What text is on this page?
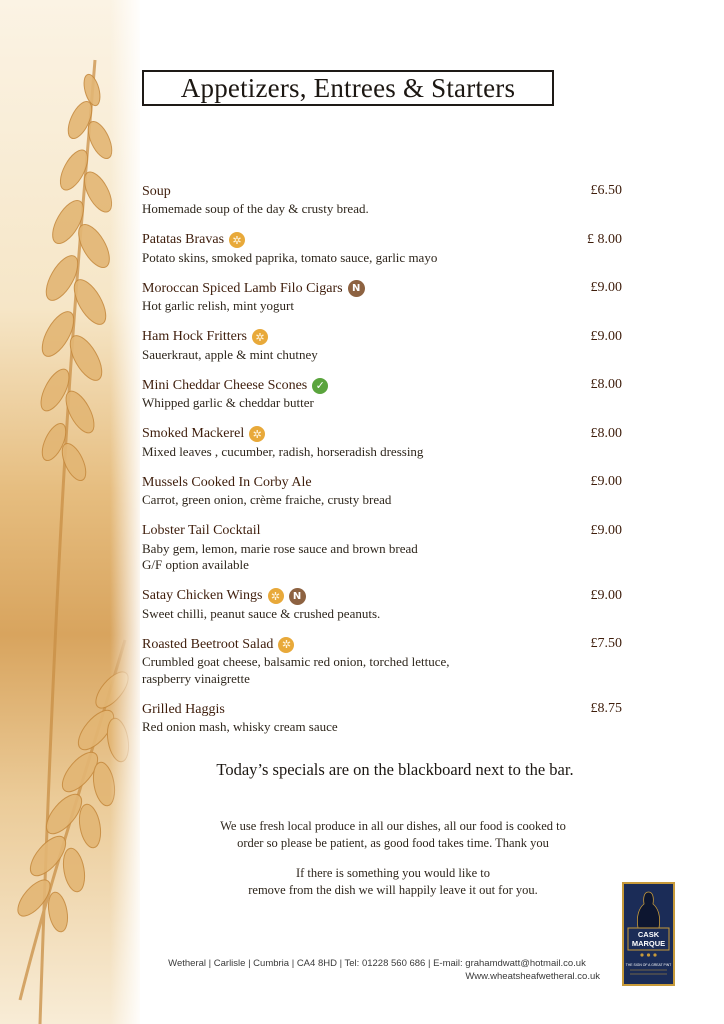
Appetizers, Entrees & Starters
Soup	£6.50
Homemade soup of the day & crusty bread.
Patatas Bravas ✲	£ 8.00
Potato skins, smoked paprika, tomato sauce, garlic mayo
Moroccan Spiced Lamb Filo Cigars N	£9.00
Hot garlic relish, mint yogurt
Ham Hock Fritters ✲	£9.00
Sauerkraut, apple & mint chutney
Mini Cheddar Cheese Scones ✓	£8.00
Whipped garlic & cheddar butter
Smoked Mackerel ✲	£8.00
Mixed leaves , cucumber, radish, horseradish dressing
Mussels Cooked In Corby Ale	£9.00
Carrot, green onion, crème fraiche, crusty bread
Lobster Tail Cocktail	£9.00
Baby gem, lemon, marie rose sauce and brown bread
G/F option available
Satay Chicken Wings ✲	N	£9.00
Sweet chilli, peanut sauce & crushed peanuts.
Roasted Beetroot Salad ✲	£7.50
Crumbled goat cheese, balsamic red onion, torched lettuce,
raspberry vinaigrette
Grilled Haggis	£8.75
Red onion mash, whisky cream sauce
Today’s specials are on the blackboard next to the bar.

We use fresh local produce in all our dishes, all our food is cooked to
order so please be patient, as good food takes time. Thank you

If there is something you would like to
remove from the dish we will happily leave it out for you.

Wetheral | Carlisle | Cumbria | CA4 8HD | Tel: 01228 560 686 | E-mail: grahamdwatt@hotmail.co.uk
Www.wheatsheafwetheral.co.uk
CASK
MARQUE
THE SIGN OF A GREAT PINT
